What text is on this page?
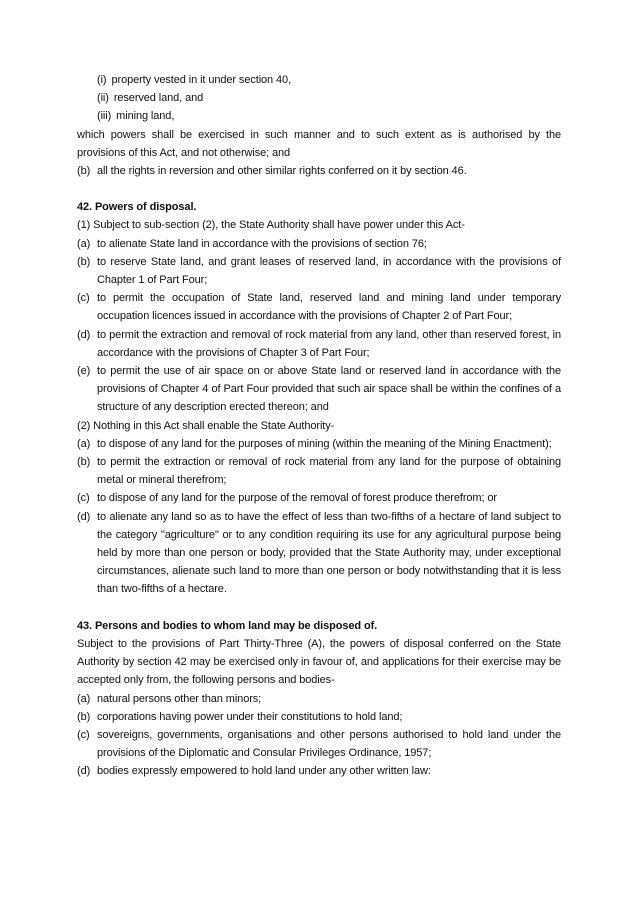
(i) property vested in it under section 40,
(ii) reserved land, and
(iii) mining land,

which powers shall be exercised in such manner and to such extent as is authorised by the provisions of this Act, and not otherwise; and

(b) all the rights in reversion and other similar rights conferred on it by section 46.

42. Powers of disposal.

(1) Subject to sub-section (2), the State Authority shall have power under this Act-

(a) to alienate State land in accordance with the provisions of section 76;
(b) to reserve State land, and grant leases of reserved land, in accordance with the provisions of Chapter 1 of Part Four;
(c) to permit the occupation of State land, reserved land and mining land under temporary occupation licences issued in accordance with the provisions of Chapter 2 of Part Four;
(d) to permit the extraction and removal of rock material from any land, other than reserved forest, in accordance with the provisions of Chapter 3 of Part Four;
(e) to permit the use of air space on or above State land or reserved land in accordance with the provisions of Chapter 4 of Part Four provided that such air space shall be within the confines of a structure of any description erected thereon; and

(2) Nothing in this Act shall enable the State Authority-

(a) to dispose of any land for the purposes of mining (within the meaning of the Mining Enactment);
(b) to permit the extraction or removal of rock material from any land for the purpose of obtaining metal or mineral therefrom;
(c) to dispose of any land for the purpose of the removal of forest produce therefrom; or
(d) to alienate any land so as to have the effect of less than two-fifths of a hectare of land subject to the category "agriculture" or to any condition requiring its use for any agricultural purpose being held by more than one person or body, provided that the State Authority may, under exceptional circumstances, alienate such land to more than one person or body notwithstanding that it is less than two-fifths of a hectare.

43. Persons and bodies to whom land may be disposed of.

Subject to the provisions of Part Thirty-Three (A), the powers of disposal conferred on the State Authority by section 42 may be exercised only in favour of, and applications for their exercise may be accepted only from, the following persons and bodies-

(a) natural persons other than minors;
(b) corporations having power under their constitutions to hold land;
(c) sovereigns, governments, organisations and other persons authorised to hold land under the provisions of the Diplomatic and Consular Privileges Ordinance, 1957;
(d) bodies expressly empowered to hold land under any other written law:
